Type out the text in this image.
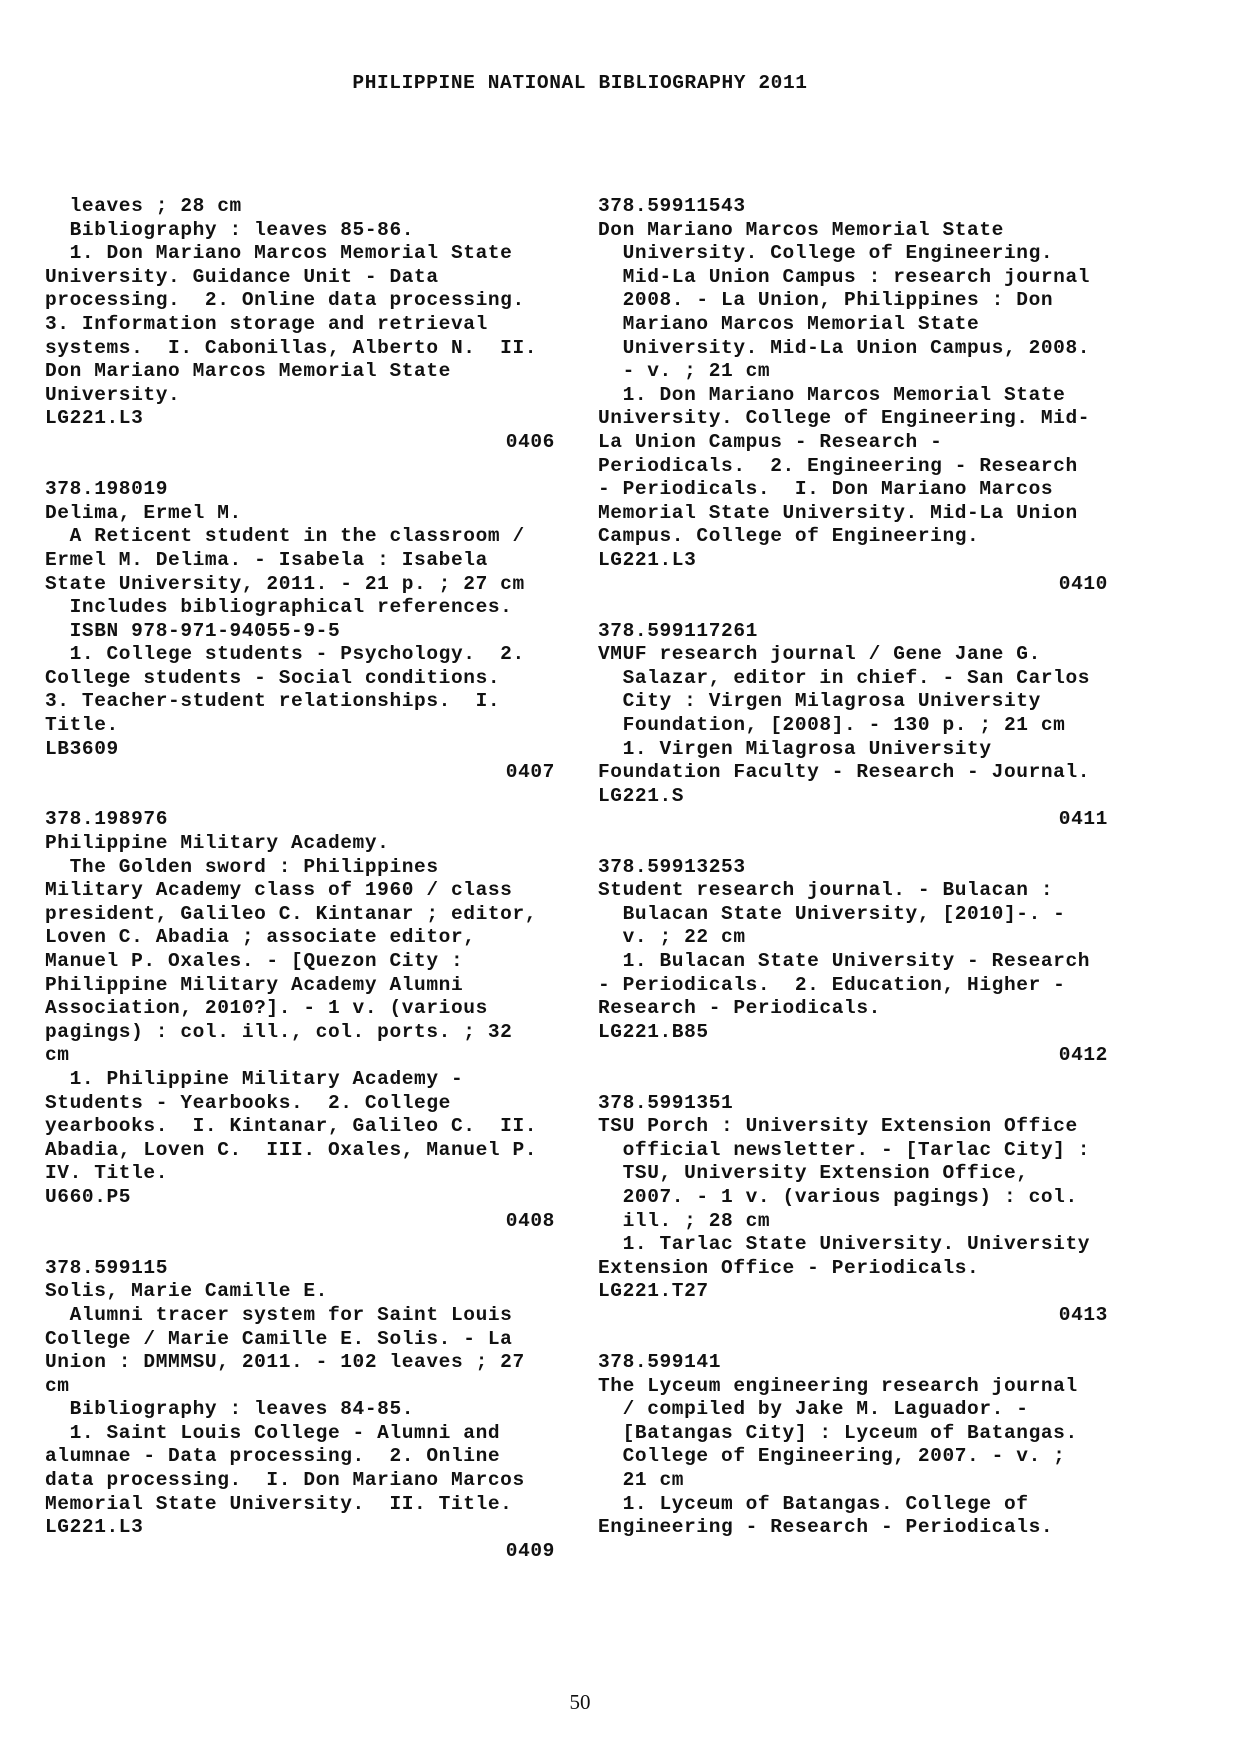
PHILIPPINE NATIONAL BIBLIOGRAPHY 2011
leaves ; 28 cm
Bibliography : leaves 85-86.
1. Don Mariano Marcos Memorial State
University. Guidance Unit - Data
processing.  2. Online data processing.
3. Information storage and retrieval
systems.  I. Cabonillas, Alberto N.  II.
Don Mariano Marcos Memorial State
University.
LG221.L3
0406
378.198019
Delima, Ermel M.
A Reticent student in the classroom /
Ermel M. Delima. - Isabela : Isabela
State University, 2011. - 21 p. ; 27 cm
Includes bibliographical references.
ISBN 978-971-94055-9-5
1. College students - Psychology.  2.
College students - Social conditions.
3. Teacher-student relationships.  I.
Title.
LB3609
0407
378.198976
Philippine Military Academy.
The Golden sword : Philippines
Military Academy class of 1960 / class
president, Galileo C. Kintanar ; editor,
Loven C. Abadia ; associate editor,
Manuel P. Oxales. - [Quezon City :
Philippine Military Academy Alumni
Association, 2010?]. - 1 v. (various
pagings) : col. ill., col. ports. ; 32
cm
1. Philippine Military Academy -
Students - Yearbooks.  2. College
yearbooks.  I. Kintanar, Galileo C.  II.
Abadia, Loven C.  III. Oxales, Manuel P.
IV. Title.
U660.P5
0408
378.599115
Solis, Marie Camille E.
Alumni tracer system for Saint Louis
College / Marie Camille E. Solis. - La
Union : DMMMSU, 2011. - 102 leaves ; 27
cm
Bibliography : leaves 84-85.
1. Saint Louis College - Alumni and
alumnae - Data processing.  2. Online
data processing.  I. Don Mariano Marcos
Memorial State University.  II. Title.
LG221.L3
0409
378.59911543
Don Mariano Marcos Memorial State
University. College of Engineering.
Mid-La Union Campus : research journal
2008. - La Union, Philippines : Don
Mariano Marcos Memorial State
University. Mid-La Union Campus, 2008.
- v. ; 21 cm
1. Don Mariano Marcos Memorial State
University. College of Engineering. Mid-
La Union Campus - Research -
Periodicals.  2. Engineering - Research
- Periodicals.  I. Don Mariano Marcos
Memorial State University. Mid-La Union
Campus. College of Engineering.
LG221.L3
0410
378.599117261
VMUF research journal / Gene Jane G.
Salazar, editor in chief. - San Carlos
City : Virgen Milagrosa University
Foundation, [2008]. - 130 p. ; 21 cm
1. Virgen Milagrosa University
Foundation Faculty - Research - Journal.
LG221.S
0411
378.59913253
Student research journal. - Bulacan :
Bulacan State University, [2010]-. -
v. ; 22 cm
1. Bulacan State University - Research
- Periodicals.  2. Education, Higher -
Research - Periodicals.
LG221.B85
0412
378.5991351
TSU Porch : University Extension Office
official newsletter. - [Tarlac City] :
TSU, University Extension Office,
2007. - 1 v. (various pagings) : col.
ill. ; 28 cm
1. Tarlac State University. University
Extension Office - Periodicals.
LG221.T27
0413
378.599141
The Lyceum engineering research journal
/ compiled by Jake M. Laguador. -
[Batangas City] : Lyceum of Batangas.
College of Engineering, 2007. - v. ;
21 cm
1. Lyceum of Batangas. College of
Engineering - Research - Periodicals.
50
